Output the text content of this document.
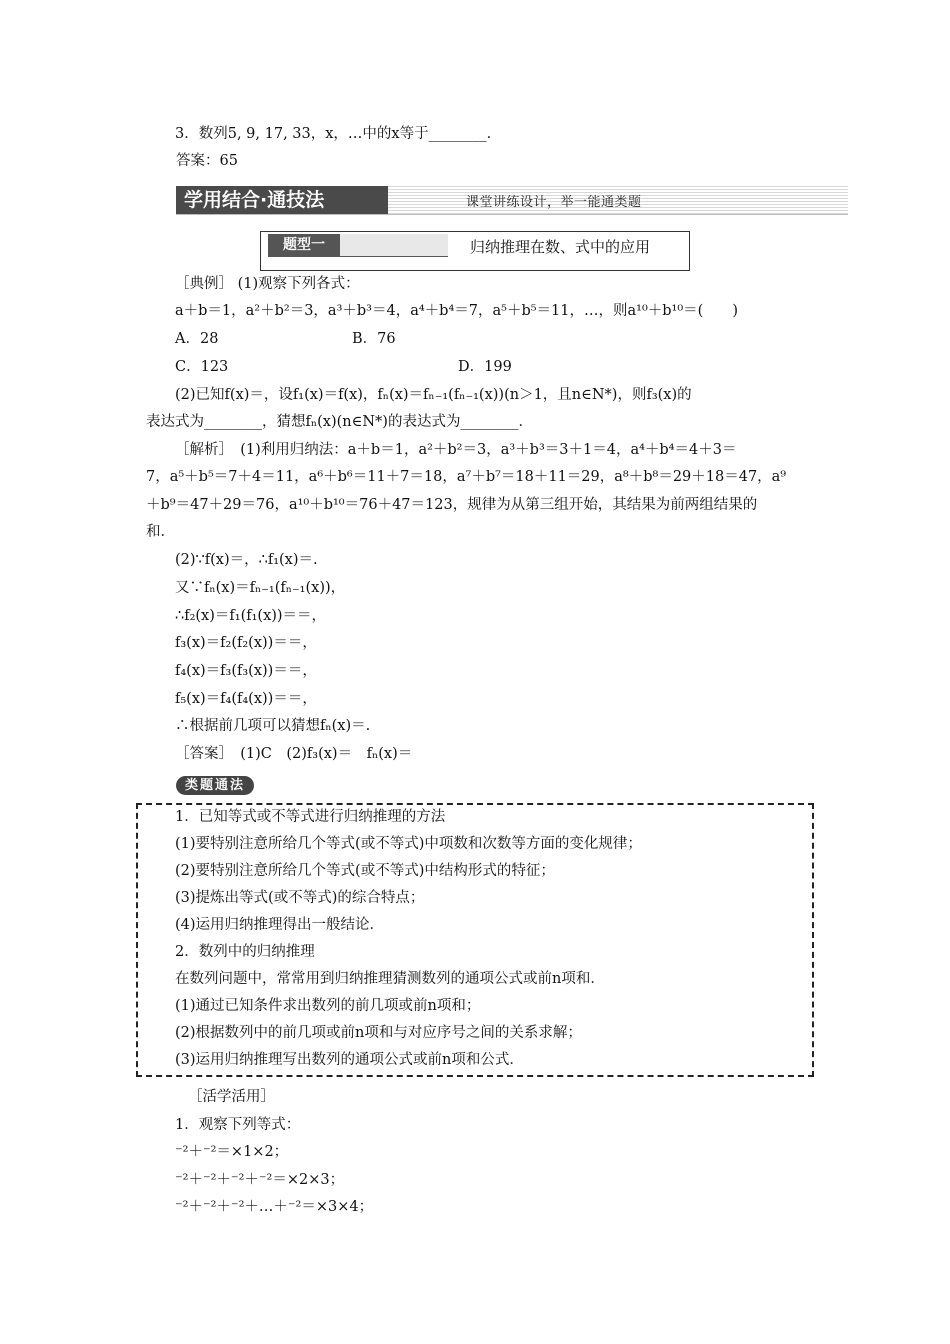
3．数列5, 9, 17, 33，x，…中的x等于________．
答案：65
学用结合·通技法	课堂讲练设计，举一能通类题
题型一	归纳推理在数、式中的应用
［典例］ (1)观察下列各式：
a＋b＝1，a²＋b²＝3，a³＋b³＝4，a⁴＋b⁴＝7，a⁵＋b⁵＝11，…，则a¹⁰＋b¹⁰＝(　　)
A．28	B．76
C．123	D．199
(2)已知f(x)＝，设f₁(x)＝f(x)，fₙ(x)＝fₙ₋₁(fₙ₋₁(x))(n＞1，且n∈N*)，则f₃(x)的
表达式为________，猜想fₙ(x)(n∈N*)的表达式为________．
［解析］　(1)利用归纳法：a＋b＝1，a²＋b²＝3，a³＋b³＝3＋1＝4，a⁴＋b⁴＝4＋3＝
7，a⁵＋b⁵＝7＋4＝11，a⁶＋b⁶＝11＋7＝18，a⁷＋b⁷＝18＋11＝29，a⁸＋b⁸＝29＋18＝47，a⁹
＋b⁹＝47＋29＝76，a¹⁰＋b¹⁰＝76＋47＝123，规律为从第三组开始，其结果为前两组结果的
和．
(2)∵f(x)＝，∴f₁(x)＝.
又∵fₙ(x)＝fₙ₋₁(fₙ₋₁(x))，
∴f₂(x)＝f₁(f₁(x))＝＝，
f₃(x)＝f₂(f₂(x))＝＝，
f₄(x)＝f₃(f₃(x))＝＝，
f₅(x)＝f₄(f₄(x))＝＝，
∴根据前几项可以猜想fₙ(x)＝.
［答案］　(1)C　(2)f₃(x)＝　fₙ(x)＝
类题通法
1．已知等式或不等式进行归纳推理的方法
(1)要特别注意所给几个等式(或不等式)中项数和次数等方面的变化规律；
(2)要特别注意所给几个等式(或不等式)中结构形式的特征；
(3)提炼出等式(或不等式)的综合特点；
(4)运用归纳推理得出一般结论．
2．数列中的归纳推理
在数列问题中，常常用到归纳推理猜测数列的通项公式或前n项和．
(1)通过已知条件求出数列的前几项或前n项和；
(2)根据数列中的前几项或前n项和与对应序号之间的关系求解；
(3)运用归纳推理写出数列的通项公式或前n项和公式．
［活学活用］
1．观察下列等式：
⁻²＋⁻²＝×1×2；
⁻²＋⁻²＋⁻²＋⁻²＝×2×3；
⁻²＋⁻²＋⁻²＋…＋⁻²＝×3×4；
